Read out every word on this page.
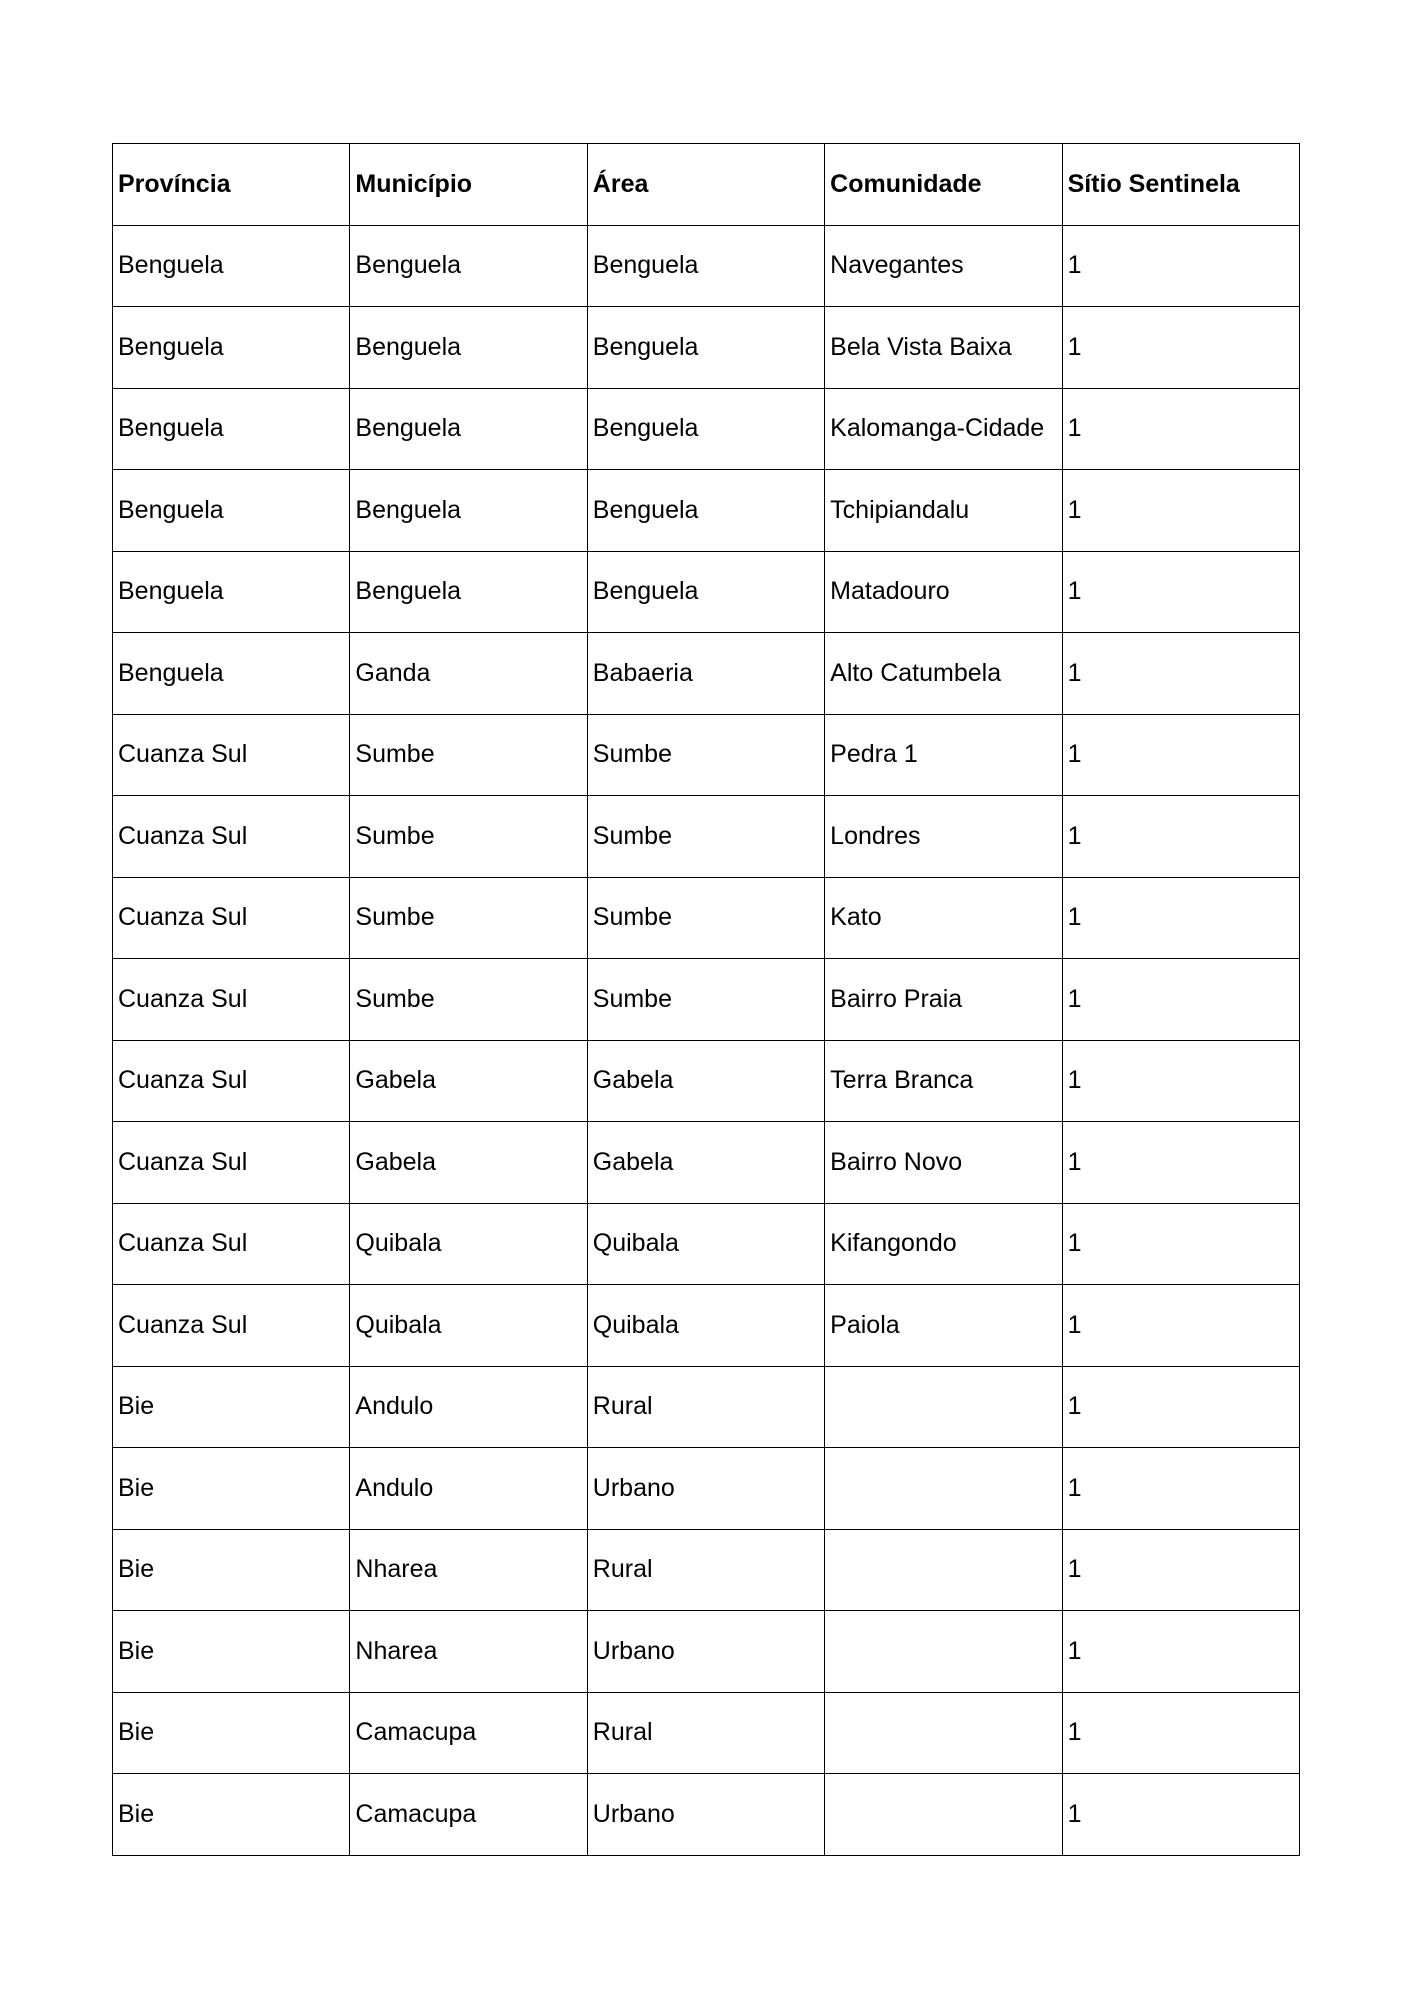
Província	Município	Área	Comunidade	Sítio Sentinela
Benguela	Benguela	Benguela	Navegantes	1
Benguela	Benguela	Benguela	Bela Vista Baixa	1
Benguela	Benguela	Benguela	Kalomanga-Cidade	1
Benguela	Benguela	Benguela	Tchipiandalu	1
Benguela	Benguela	Benguela	Matadouro	1
Benguela	Ganda	Babaeria	Alto Catumbela	1
Cuanza Sul	Sumbe	Sumbe	Pedra 1	1
Cuanza Sul	Sumbe	Sumbe	Londres	1
Cuanza Sul	Sumbe	Sumbe	Kato	1
Cuanza Sul	Sumbe	Sumbe	Bairro Praia	1
Cuanza Sul	Gabela	Gabela	Terra Branca	1
Cuanza Sul	Gabela	Gabela	Bairro Novo	1
Cuanza Sul	Quibala	Quibala	Kifangondo	1
Cuanza Sul	Quibala	Quibala	Paiola	1
Bie	Andulo	Rural		1
Bie	Andulo	Urbano		1
Bie	Nharea	Rural		1
Bie	Nharea	Urbano		1
Bie	Camacupa	Rural		1
Bie	Camacupa	Urbano		1
